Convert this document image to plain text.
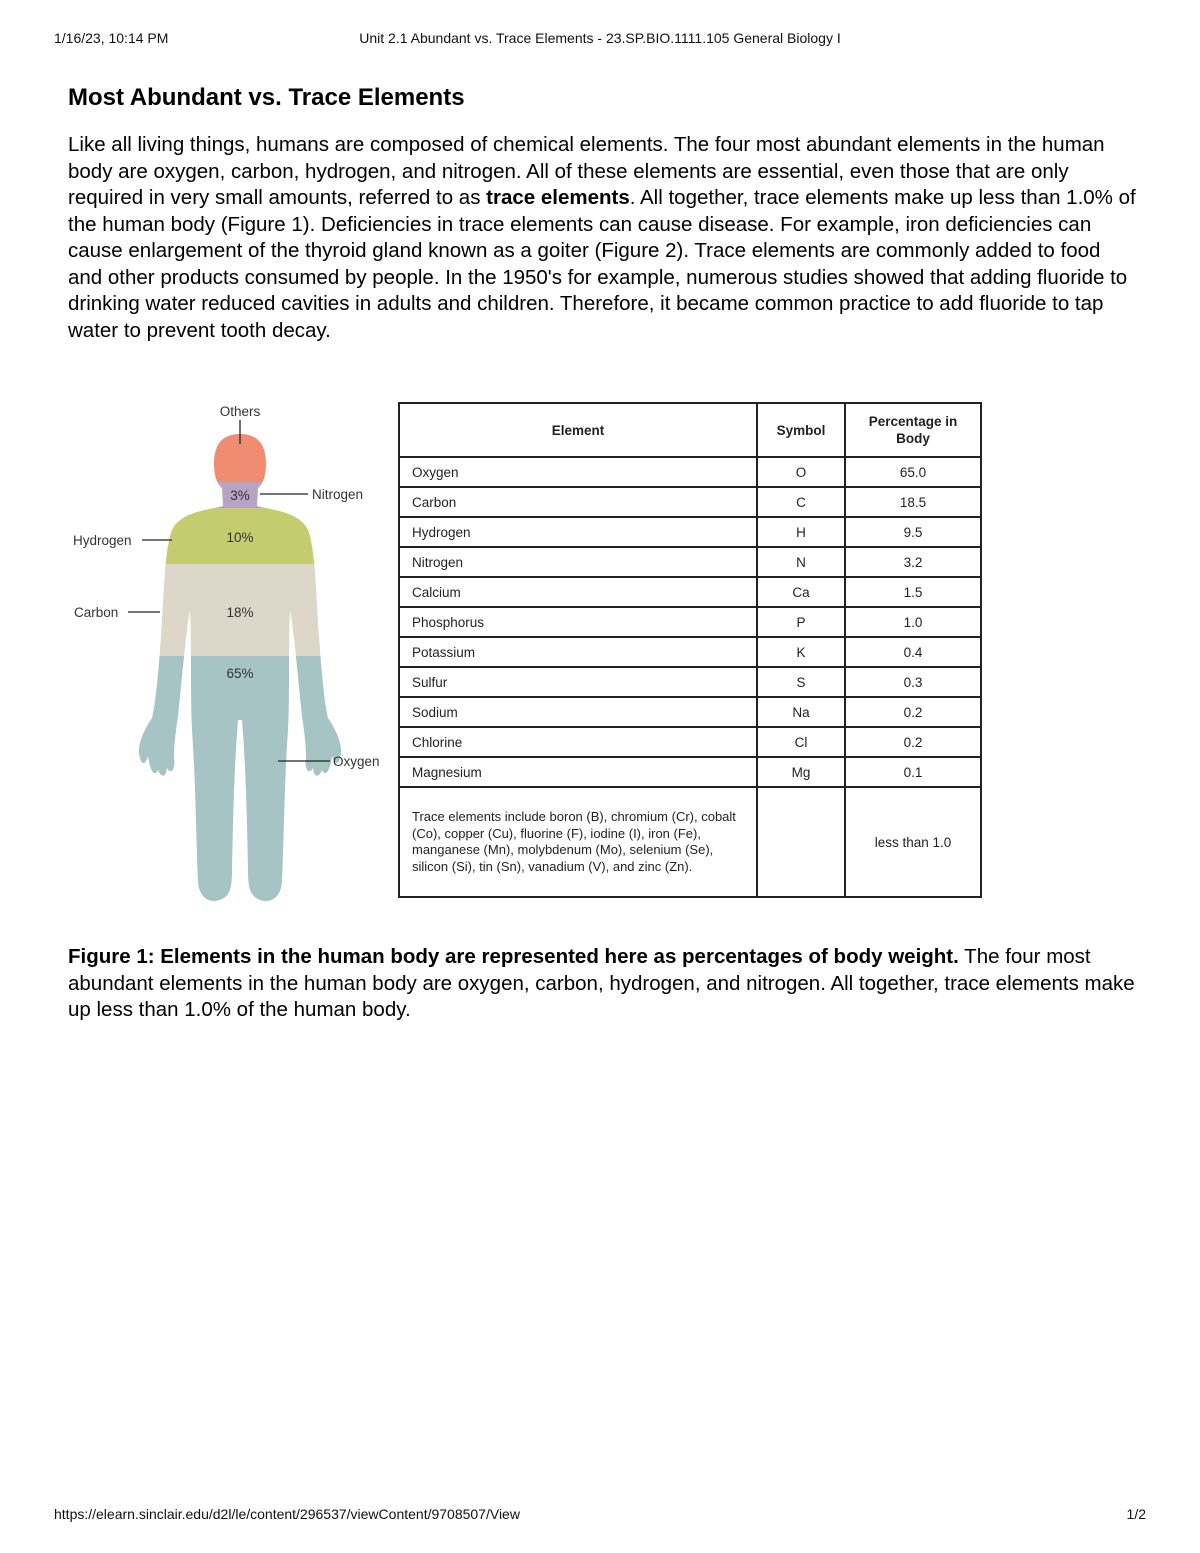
1/16/23, 10:14 PM	Unit 2.1 Abundant vs. Trace Elements - 23.SP.BIO.1111.105 General Biology I
Most Abundant vs. Trace Elements

Like all living things, humans are composed of chemical elements. The four most abundant elements in the human body are oxygen, carbon, hydrogen, and nitrogen. All of these elements are essential, even those that are only required in very small amounts, referred to as trace elements. All together, trace elements make up less than 1.0% of the human body (Figure 1). Deficiencies in trace elements can cause disease. For example, iron deficiencies can cause enlargement of the thyroid gland known as a goiter (Figure 2). Trace elements are commonly added to food and other products consumed by people. In the 1950's for example, numerous studies showed that adding fluoride to drinking water reduced cavities in adults and children. Therefore, it became common practice to add fluoride to tap water to prevent tooth decay.

Others
Nitrogen
Hydrogen
Carbon
Oxygen
3%
10%
18%
65%
Element	Symbol	Percentage in Body
Oxygen	O	65.0
Carbon	C	18.5
Hydrogen	H	9.5
Nitrogen	N	3.2
Calcium	Ca	1.5
Phosphorus	P	1.0
Potassium	K	0.4
Sulfur	S	0.3
Sodium	Na	0.2
Chlorine	Cl	0.2
Magnesium	Mg	0.1
Trace elements include boron (B), chromium (Cr), cobalt (Co), copper (Cu), fluorine (F), iodine (I), iron (Fe), manganese (Mn), molybdenum (Mo), selenium (Se), silicon (Si), tin (Sn), vanadium (V), and zinc (Zn).		less than 1.0
Figure 1: Elements in the human body are represented here as percentages of body weight. The four most abundant elements in the human body are oxygen, carbon, hydrogen, and nitrogen. All together, trace elements make up less than 1.0% of the human body.
https://elearn.sinclair.edu/d2l/le/content/296537/viewContent/9708507/View	1/2
